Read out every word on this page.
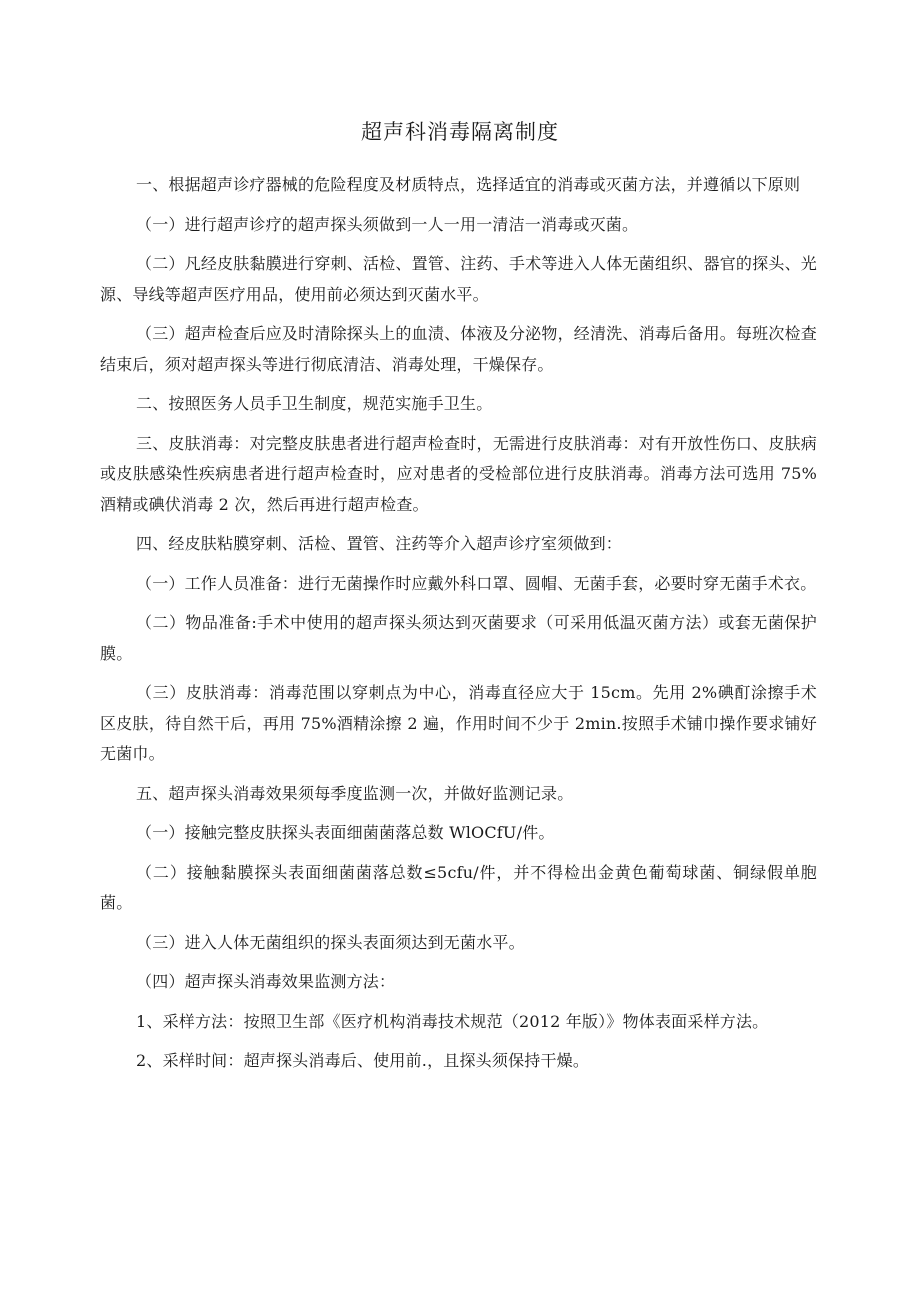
超声科消毒隔离制度

一、根据超声诊疗器械的危险程度及材质特点，选择适宜的消毒或灭菌方法，并遵循以下原则

（一）进行超声诊疗的超声探头须做到一人一用一清洁一消毒或灭菌。

（二）凡经皮肤黏膜进行穿刺、活检、置管、注药、手术等进入人体无菌组织、器官的探头、光源、导线等超声医疗用品，使用前必须达到灭菌水平。

（三）超声检查后应及时清除探头上的血渍、体液及分泌物，经清洗、消毒后备用。每班次检查结束后，须对超声探头等进行彻底清洁、消毒处理，干燥保存。

二、按照医务人员手卫生制度，规范实施手卫生。

三、皮肤消毒：对完整皮肤患者进行超声检查时，无需进行皮肤消毒：对有开放性伤口、皮肤病或皮肤感染性疾病患者进行超声检查时，应对患者的受检部位进行皮肤消毒。消毒方法可选用 75%酒精或碘伏消毒 2 次，然后再进行超声检查。

四、经皮肤粘膜穿刺、活检、置管、注药等介入超声诊疗室须做到：

（一）工作人员准备：进行无菌操作时应戴外科口罩、圆帽、无菌手套，必要时穿无菌手术衣。

（二）物品准备:手术中使用的超声探头须达到灭菌要求（可采用低温灭菌方法）或套无菌保护膜。

（三）皮肤消毒：消毒范围以穿刺点为中心，消毒直径应大于 15cm。先用 2%碘酊涂擦手术区皮肤，待自然干后，再用 75%酒精涂擦 2 遍，作用时间不少于 2min.按照手术铺巾操作要求铺好无菌巾。

五、超声探头消毒效果须每季度监测一次，并做好监测记录。

（一）接触完整皮肤探头表面细菌菌落总数 WlOCfU/件。

（二）接触黏膜探头表面细菌菌落总数≤5cfu/件，并不得检出金黄色葡萄球菌、铜绿假单胞菌。

（三）进入人体无菌组织的探头表面须达到无菌水平。

（四）超声探头消毒效果监测方法：

1、采样方法：按照卫生部《医疗机构消毒技术规范（2012 年版）》物体表面采样方法。

2、采样时间：超声探头消毒后、使用前.，且探头须保持干燥。
